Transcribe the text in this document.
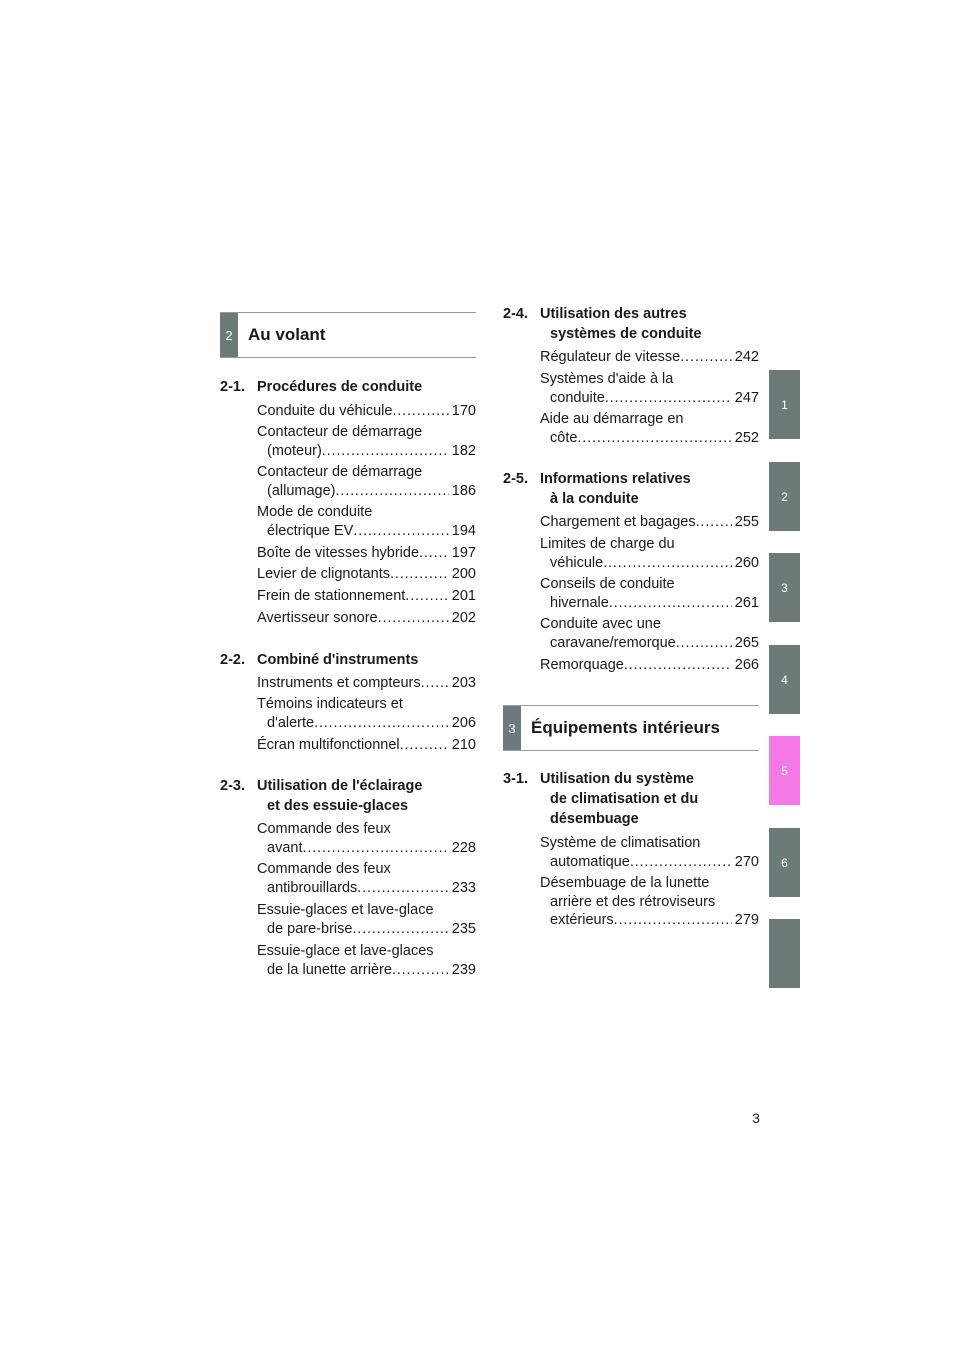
2 Au volant
2-1. Procédures de conduite
Conduite du véhicule . . .	170
Contacteur de démarrage
(moteur) . . .	182
Contacteur de démarrage
(allumage) . . .	186
Mode de conduite
électrique EV . . .	194
Boîte de vitesses hybride . . . 197
Levier de clignotants . . .	200
Frein de stationnement . . .	201
Avertisseur sonore . . .	202
2-2. Combiné d'instruments
Instruments et compteurs . . . 203
Témoins indicateurs et
d'alerte . . .	206
Écran multifonctionnel . . .	210
2-3. Utilisation de l'éclairage
et des essuie-glaces
Commande des feux
avant . . .	228
Commande des feux
antibrouillards . . .	233
Essuie-glaces et lave-glace
de pare-brise . . .	235
Essuie-glace et lave-glaces
de la lunette arrière . . .	239
2-4. Utilisation des autres
systèmes de conduite
Régulateur de vitesse . . .	242
Systèmes d'aide à la
conduite . . .	247
Aide au démarrage en
côte . . .	252
2-5. Informations relatives
à la conduite
Chargement et bagages . . .	255
Limites de charge du
véhicule . . .	260
Conseils de conduite
hivernale . . .	261
Conduite avec une
caravane/remorque . . .	265
Remorquage . . .	266
3 Équipements intérieurs
3-1. Utilisation du système
de climatisation et du
désembuage
Système de climatisation
automatique . . .	270
Désembuage de la lunette
arrière et des rétroviseurs
extérieurs . . .	279
1
2
3
4
5
6
3
